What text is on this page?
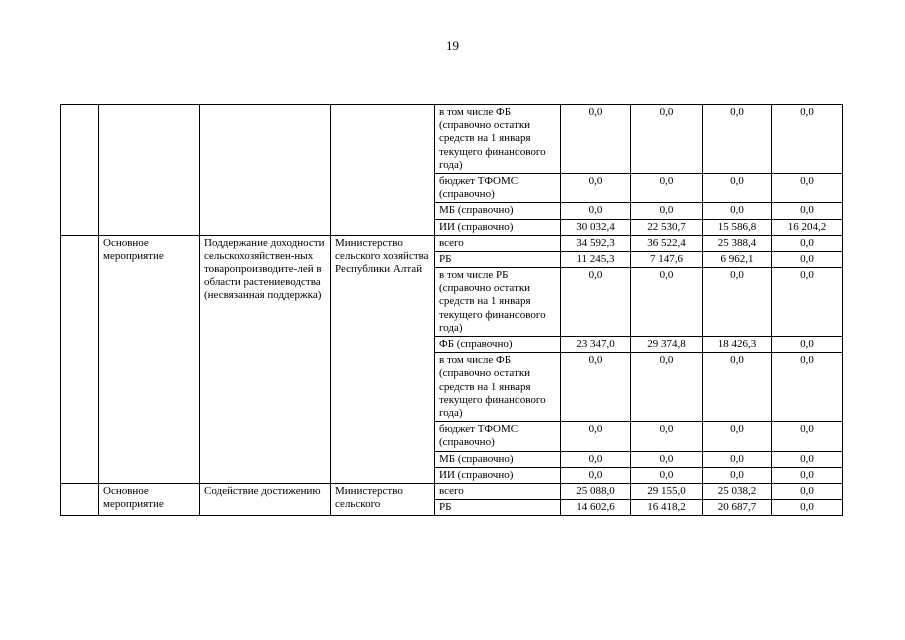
19
				в том числе ФБ (справочно остатки средств на 1 января текущего финансового года)	0,0	0,0	0,0	0,0
				бюджет ТФОМС (справочно)	0,0	0,0	0,0	0,0
				МБ (справочно)	0,0	0,0	0,0	0,0
				ИИ (справочно)	30 032,4	22 530,7	15 586,8	16 204,2
	Основное мероприятие	Поддержание доходности сельскохозяйствен-ных товаропроизводите-лей в области растениеводства (несвязанная поддержка)	Министерство сельского хозяйства Республики Алтай	всего	34 592,3	36 522,4	25 388,4	0,0
				РБ	11 245,3	7 147,6	6 962,1	0,0
				в том числе РБ (справочно остатки средств на 1 января текущего финансового года)	0,0	0,0	0,0	0,0
				ФБ (справочно)	23 347,0	29 374,8	18 426,3	0,0
				в том числе ФБ (справочно остатки средств на 1 января текущего финансового года)	0,0	0,0	0,0	0,0
				бюджет ТФОМС (справочно)	0,0	0,0	0,0	0,0
				МБ (справочно)	0,0	0,0	0,0	0,0
				ИИ (справочно)	0,0	0,0	0,0	0,0
	Основное мероприятие	Содействие достижению	Министерство сельского	всего	25 088,0	29 155,0	25 038,2	0,0
				РБ	14 602,6	16 418,2	20 687,7	0,0
